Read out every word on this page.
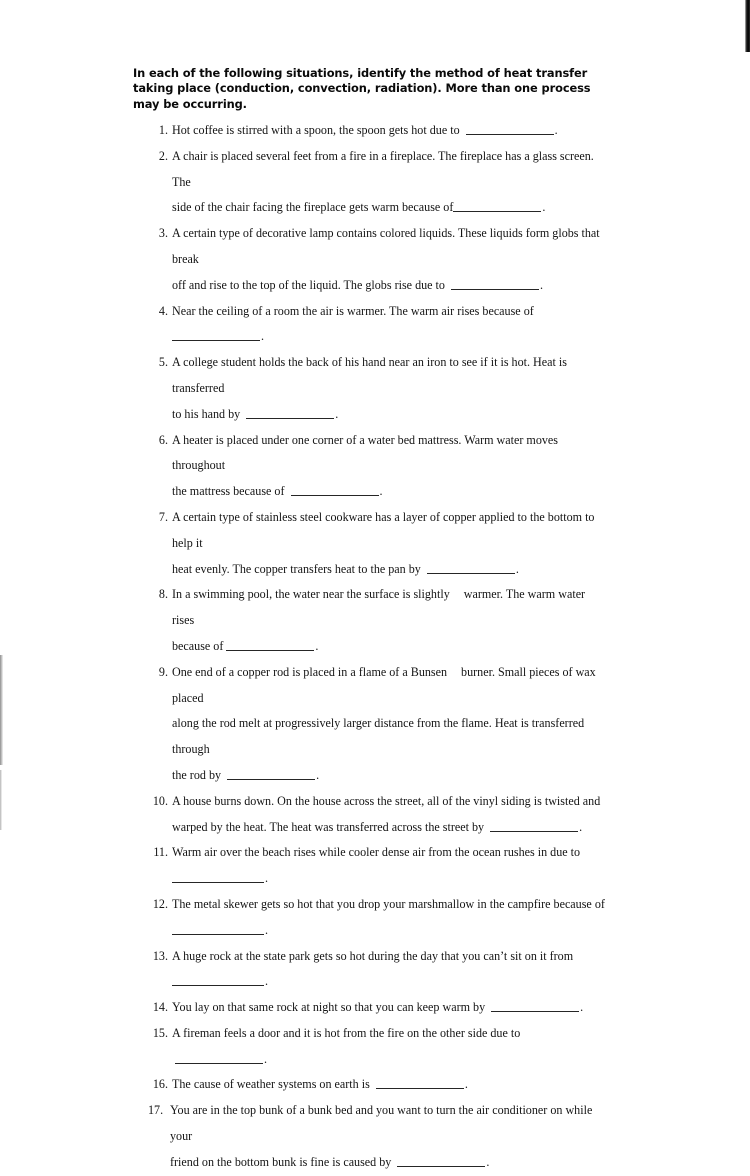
In each of the following situations, identify the method of heat transfer taking place (conduction, convection, radiation). More than one process may be occurring.
1. Hot coffee is stirred with a spoon, the spoon gets hot due to	.
2. A chair is placed several feet from a fire in a fireplace. The fireplace has a glass screen. The
side of the chair facing the fireplace gets warm because of	.
3. A certain type of decorative lamp contains colored liquids. These liquids form globs that break
off and rise to the top of the liquid. The globs rise due to	.
4. Near the ceiling of a room the air is warmer. The warm air rises because of.
5. A college student holds the back of his hand near an iron to see if it is hot. Heat is transferred
to his hand by	.
6. A heater is placed under one corner of a water bed mattress. Warm water moves throughout
the mattress because of	.
7. A certain type of stainless steel cookware has a layer of copper applied to the bottom to help it
heat evenly. The copper transfers heat to the pan by	.
8. In a swimming pool, the water near the surface is slightly warmer. The warm water rises
because of	.
9. One end of a copper rod is placed in a flame of a Bunsen burner. Small pieces of wax placed
along the rod melt at progressively larger distance from the flame. Heat is transferred through
the rod by	.
10. A house burns down. On the house across the street, all of the vinyl siding is twisted and
warped by the heat. The heat was transferred across the street by	.
11. Warm air over the beach rises while cooler dense air from the ocean rushes in due to
.
12. The metal skewer gets so hot that you drop your marshmallow in the campfire because of
.
13. A huge rock at the state park gets so hot during the day that you can’t sit on it from
.
14. You lay on that same rock at night so that you can keep warm by	.
15. A fireman feels a door and it is hot from the fire on the other side due to .
16. The cause of weather systems on earth is	.
17. You are in the top bunk of a bunk bed and you want to turn the air conditioner on while your
friend on the bottom bunk is fine is caused by	.
